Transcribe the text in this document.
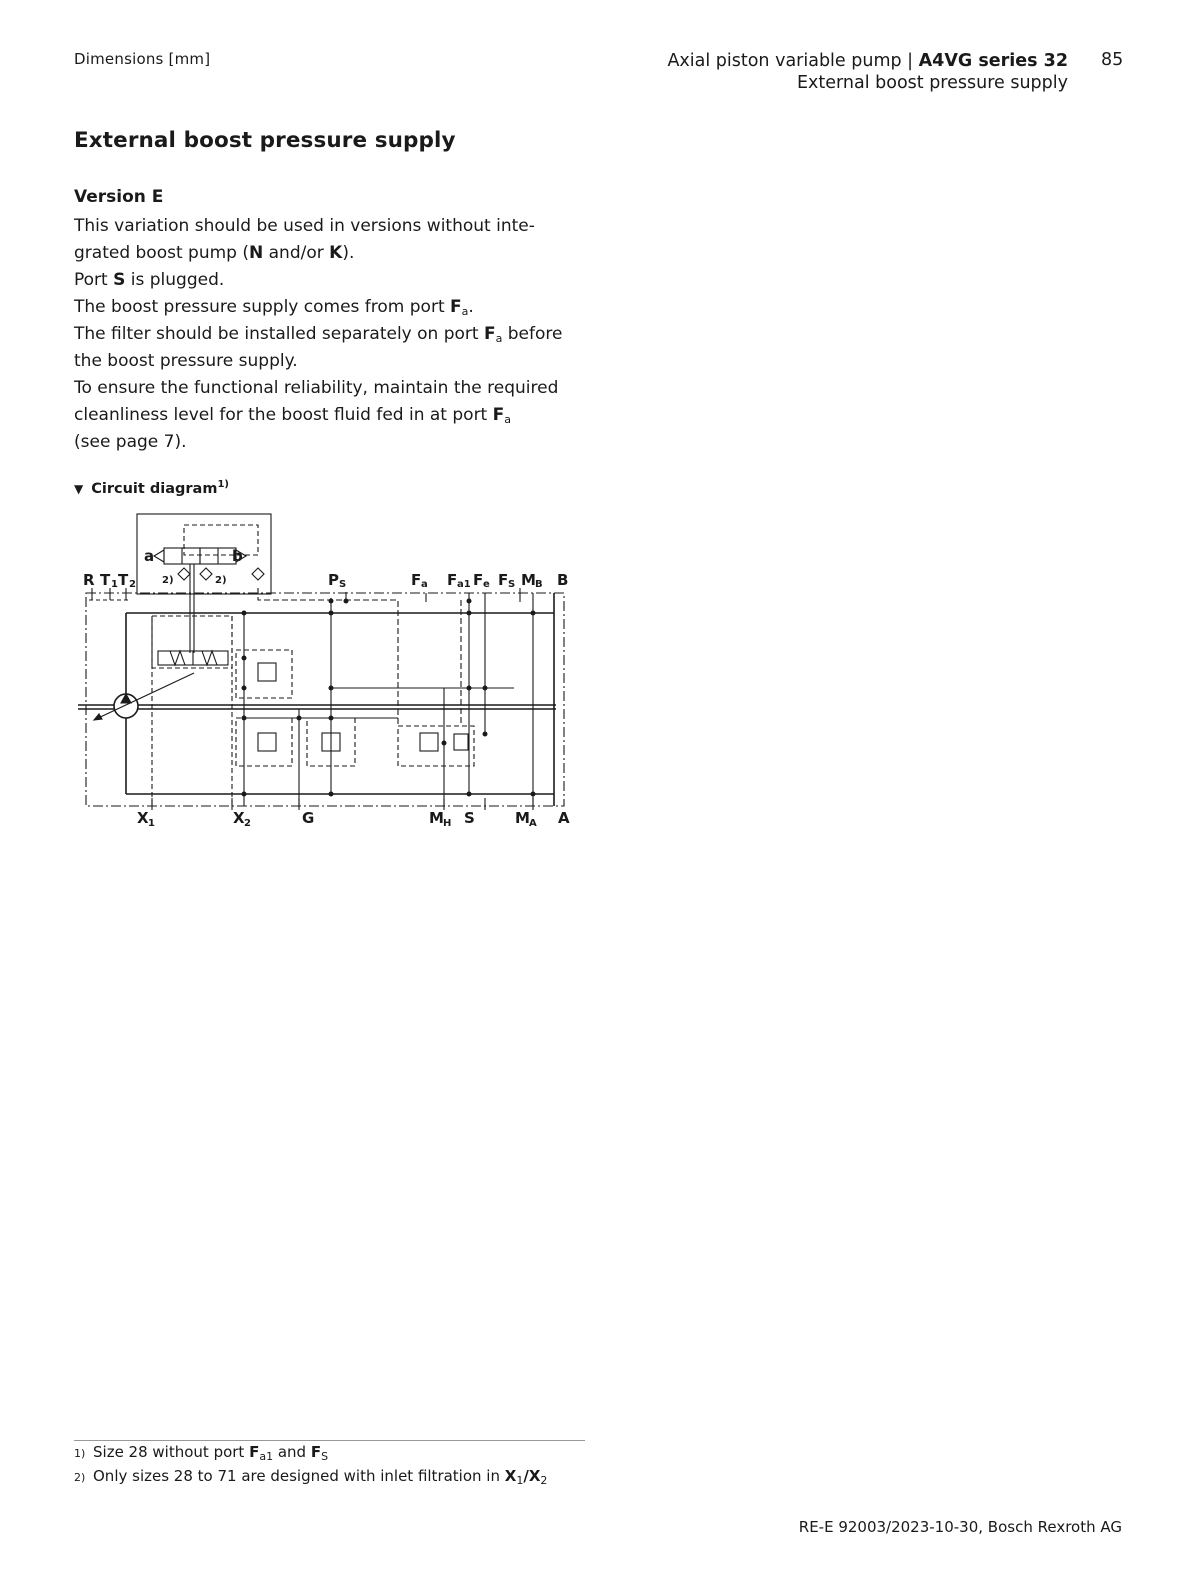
Dimensions [mm]	Axial piston variable pump | A4VG series 32
External boost pressure supply
85
External boost pressure supply
Version E

This variation should be used in versions without inte-

grated boost pump (N and/or K).

Port S is plugged.

The boost pressure supply comes from port $F_a$.

The filter should be installed separately on port $F_a$ before

the boost pressure supply.

To ensure the functional reliability, maintain the required

cleanliness level for the boost fluid fed in at port $F_a$

(see page 7).

▼ Circuit diagram$^{1)}$
R T 1 T 2	P S	F a F a1 F e F S M B B
a	b
2)	2)
X 1	X 2	G	M H S	M A A
1) Size 28 without port $F_{a1}$ and $F_S$
2) Only sizes 28 to 71 are designed with inlet filtration in $X_1/X_2$
RE-E 92003/2023-10-30, Bosch Rexroth AG
